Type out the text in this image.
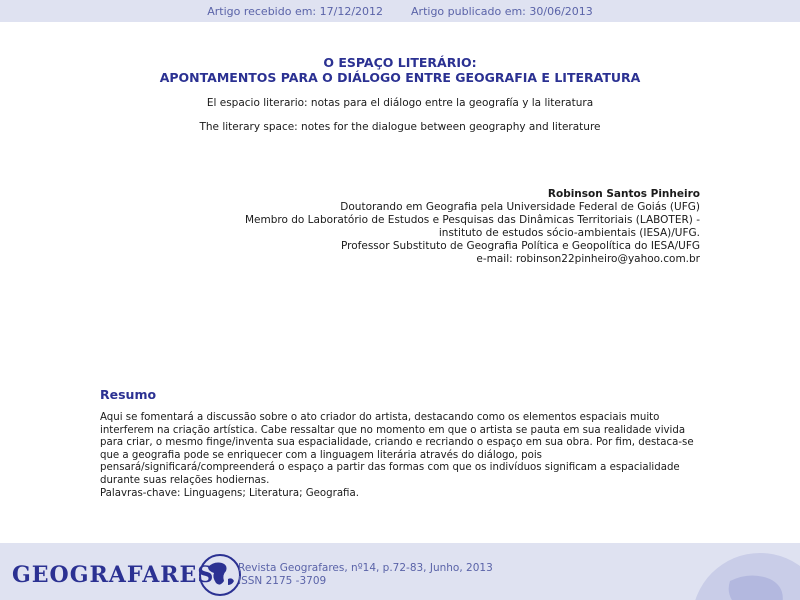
Artigo recebido em: 17/12/2012	Artigo publicado em: 30/06/2013
O ESPAÇO LITERÁRIO:
APONTAMENTOS PARA O DIÁLOGO ENTRE GEOGRAFIA E LITERATURA
El espacio literario: notas para el diálogo entre la geografía y la literatura
The literary space: notes for the dialogue between geography and literature
Robinson Santos Pinheiro
Doutorando em Geografia pela Universidade Federal de Goiás (UFG)
Membro do Laboratório de Estudos e Pesquisas das Dinâmicas Territoriais (LABOTER) -
instituto de estudos sócio-ambientais (IESA)/UFG.
Professor Substituto de Geografia Política e Geopolítica do IESA/UFG
e-mail: robinson22pinheiro@yahoo.com.br
Resumo
Aqui se fomentará a discussão sobre o ato criador do artista, destacando como os elementos espaciais muito interferem na criação artística. Cabe ressaltar que no momento em que o artista se pauta em sua realidade vivida para criar, o mesmo finge/inventa sua espacialidade, criando e recriando o espaço em sua obra. Por fim, destaca-se que a geografia pode se enriquecer com a linguagem literária através do diálogo, pois pensará/significará/compreenderá o espaço a partir das formas com que os indivíduos significam a espacialidade durante suas relações hodiernas.
Palavras-chave: Linguagens; Literatura; Geografia.
GEOGRAFARES Revista Geografares, nº14, p.72-83, Junho, 2013
ISSN 2175 -3709
